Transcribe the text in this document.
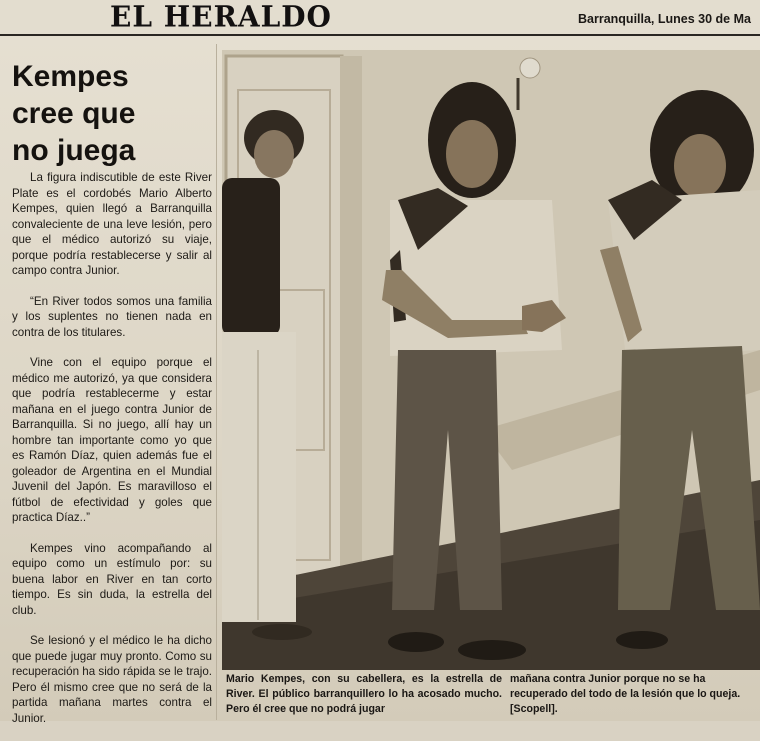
EL HERALDO	Barranquilla, Lunes 30 de Ma
Kempes
cree que
no juega

La figura indiscutible de este River Plate es el cordobés Mario Alberto Kempes, quien llegó a Barranquilla convaleciente de una leve lesión, pero que el médico autorizó su viaje, porque podría restablecerse y salir al campo contra Junior.

“En River todos somos una familia y los suplentes no tienen nada en contra de los titulares.

Vine con el equipo porque el médico me autorizó, ya que considera que podría restablecerme y estar mañana en el juego contra Junior de Barranquilla. Si no juego, allí hay un hombre tan importante como yo que es Ramón Díaz, quien además fue el goleador de Argentina en el Mundial Juvenil del Japón. Es maravilloso el fútbol de efectividad y goles que practica Díaz..”

Kempes vino acompañando al equipo como un estímulo por: su buena labor en River en tan corto tiempo. Es sin duda, la estrella del club.

Se lesionó y el médico le ha dicho que puede jugar muy pronto. Como su recuperación ha sido rápida se le trajo. Pero él mismo cree que no será de la partida mañana martes contra el Junior.

Mario Kempes, con su cabellera, es la estrella de River. El público barranquillero lo ha acosado mucho. Pero él cree que no podrá jugar
mañana contra Junior porque no se ha recuperado del todo de la lesión que lo queja. [Scopell].
